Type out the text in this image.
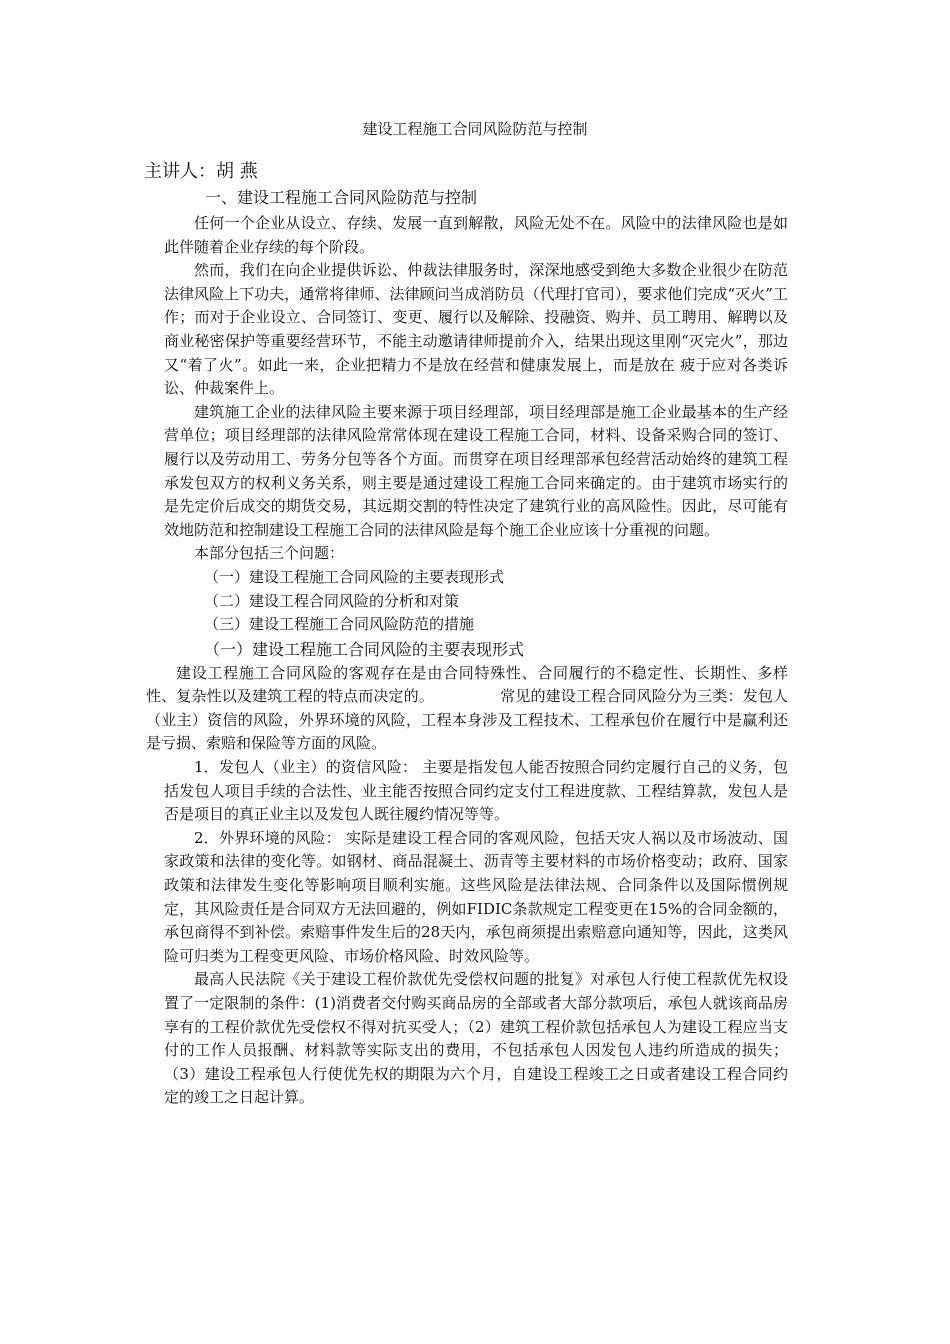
建设工程施工合同风险防范与控制
主讲人：胡 燕
一、建设工程施工合同风险防范与控制

任何一个企业从设立、存续、发展一直到解散，风险无处不在。风险中的法律风险也是如此伴随着企业存续的每个阶段。

然而，我们在向企业提供诉讼、仲裁法律服务时，深深地感受到绝大多数企业很少在防范法律风险上下功夫，通常将律师、法律顾问当成消防员（代理打官司），要求他们完成“灭火”工作；而对于企业设立、合同签订、变更、履行以及解除、投融资、购并、员工聘用、解聘以及商业秘密保护等重要经营环节，不能主动邀请律师提前介入，结果出现这里刚“灭完火”，那边又“着了火”。如此一来，企业把精力不是放在经营和健康发展上，而是放在 疲于应对各类诉讼、仲裁案件上。

建筑施工企业的法律风险主要来源于项目经理部，项目经理部是施工企业最基本的生产经营单位；项目经理部的法律风险常常体现在建设工程施工合同，材料、设备采购合同的签订、履行以及劳动用工、劳务分包等各个方面。而贯穿在项目经理部承包经营活动始终的建筑工程承发包双方的权利义务关系，则主要是通过建设工程施工合同来确定的。由于建筑市场实行的是先定价后成交的期货交易，其远期交割的特性决定了建筑行业的高风险性。因此，尽可能有效地防范和控制建设工程施工合同的法律风险是每个施工企业应该十分重视的问题。

本部分包括三个问题：

（一）建设工程施工合同风险的主要表现形式

（二）建设工程合同风险的分析和对策

（三）建设工程施工合同风险防范的措施

（一）建设工程施工合同风险的主要表现形式

建设工程施工合同风险的客观存在是由合同特殊性、合同履行的不稳定性、长期性、多样性、复杂性以及建筑工程的特点而决定的。	常见的建设工程合同风险分为三类：发包人（业主）资信的风险，外界环境的风险，工程本身涉及工程技术、工程承包价在履行中是赢利还是亏损、索赔和保险等方面的风险。

1．发包人（业主）的资信风险： 主要是指发包人能否按照合同约定履行自己的义务，包括发包人项目手续的合法性、业主能否按照合同约定支付工程进度款、工程结算款，发包人是否是项目的真正业主以及发包人既往履约情况等等。

2．外界环境的风险： 实际是建设工程合同的客观风险，包括天灾人祸以及市场波动、国家政策和法律的变化等。如钢材、商品混凝土、沥青等主要材料的市场价格变动；政府、国家政策和法律发生变化等影响项目顺利实施。这些风险是法律法规、合同条件以及国际惯例规定，其风险责任是合同双方无法回避的，例如FIDIC条款规定工程变更在15%的合同金额的，承包商得不到补偿。索赔事件发生后的28天内，承包商须提出索赔意向通知等，因此，这类风险可归类为工程变更风险、市场价格风险、时效风险等。

最高人民法院《关于建设工程价款优先受偿权问题的批复》对承包人行使工程款优先权设置了一定限制的条件：(1)消费者交付购买商品房的全部或者大部分款项后，承包人就该商品房享有的工程价款优先受偿权不得对抗买受人；（2）建筑工程价款包括承包人为建设工程应当支付的工作人员报酬、材料款等实际支出的费用，不包括承包人因发包人违约所造成的损失；（3）建设工程承包人行使优先权的期限为六个月，自建设工程竣工之日或者建设工程合同约定的竣工之日起计算。
